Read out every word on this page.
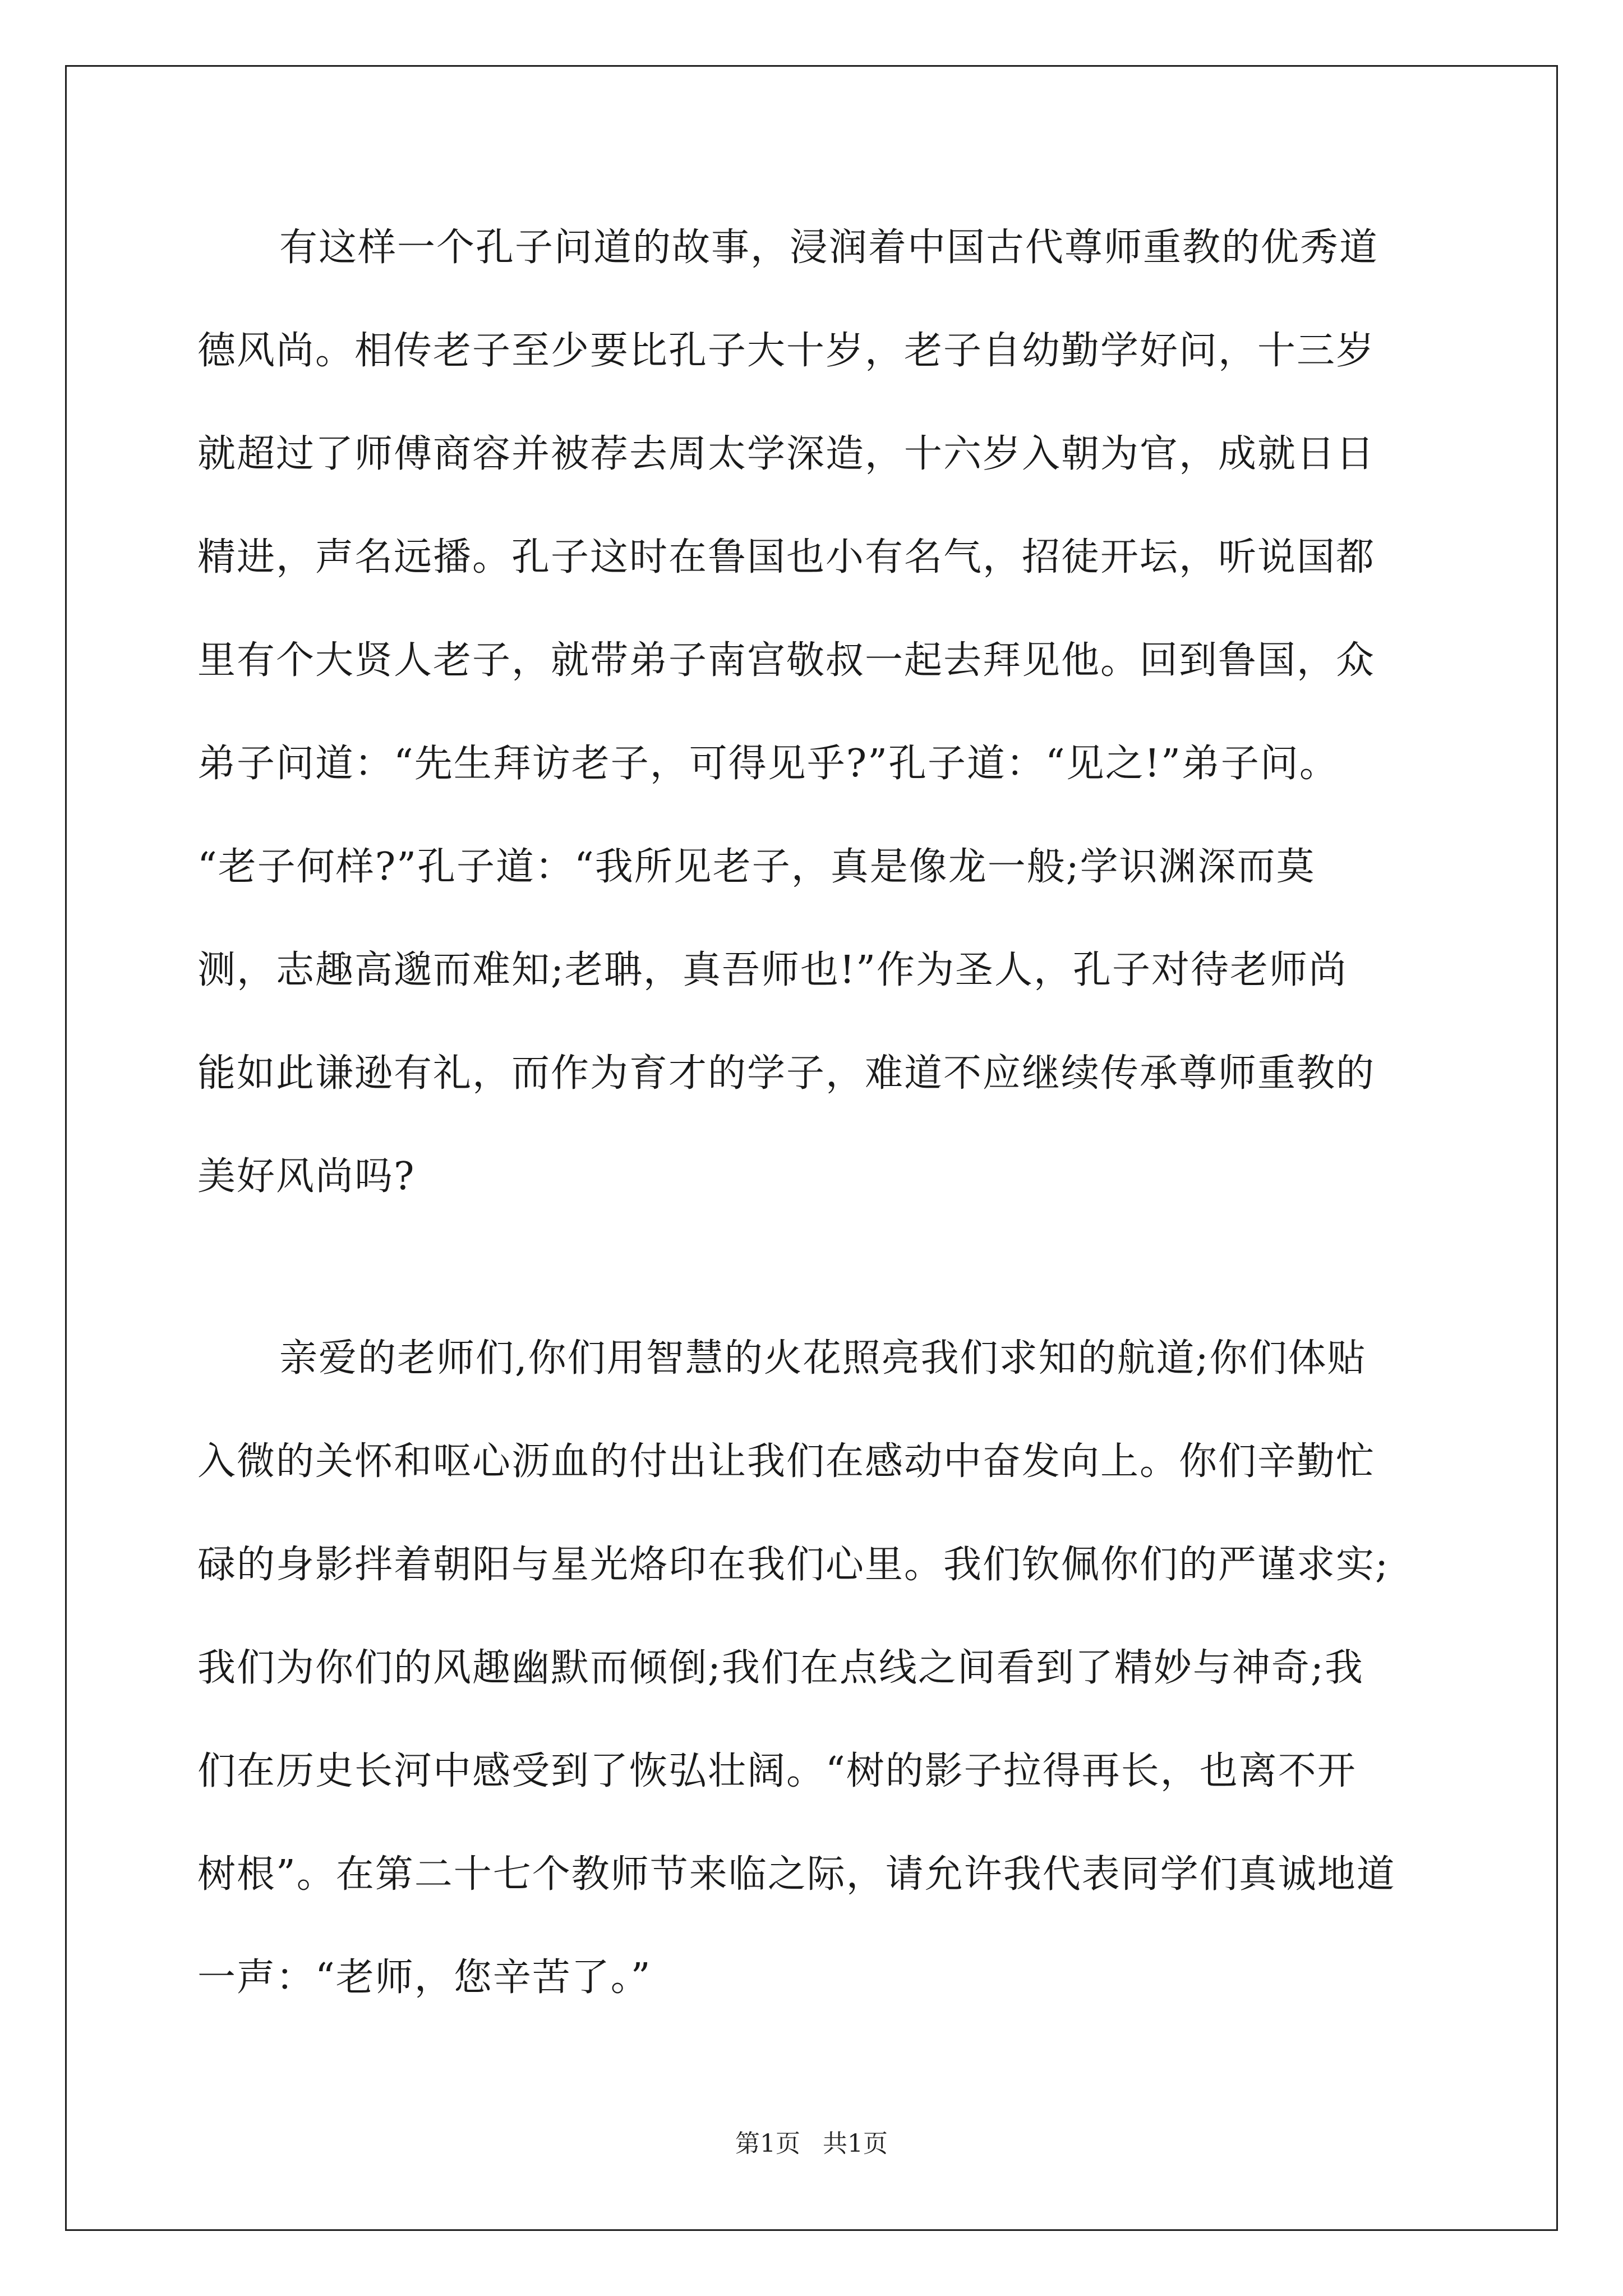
有这样一个孔子问道的故事，浸润着中国古代尊师重教的优秀道
德风尚。相传老子至少要比孔子大十岁，老子自幼勤学好问，十三岁
就超过了师傅商容并被荐去周太学深造，十六岁入朝为官，成就日日
精进，声名远播。孔子这时在鲁国也小有名气，招徒开坛，听说国都
里有个大贤人老子，就带弟子南宫敬叔一起去拜见他。回到鲁国，众
弟子问道：“先生拜访老子，可得见乎?”孔子道：“见之!”弟子问。
“老子何样?”孔子道：“我所见老子，真是像龙一般;学识渊深而莫
测，志趣高邈而难知;老聃，真吾师也!”作为圣人，孔子对待老师尚
能如此谦逊有礼，而作为育才的学子，难道不应继续传承尊师重教的
美好风尚吗?
亲爱的老师们,你们用智慧的火花照亮我们求知的航道;你们体贴
入微的关怀和呕心沥血的付出让我们在感动中奋发向上。你们辛勤忙
碌的身影拌着朝阳与星光烙印在我们心里。我们钦佩你们的严谨求实;
我们为你们的风趣幽默而倾倒;我们在点线之间看到了精妙与神奇;我
们在历史长河中感受到了恢弘壮阔。“树的影子拉得再长，也离不开
树根”。在第二十七个教师节来临之际，请允许我代表同学们真诚地道
一声：“老师，您辛苦了。”
第1页 共1页
